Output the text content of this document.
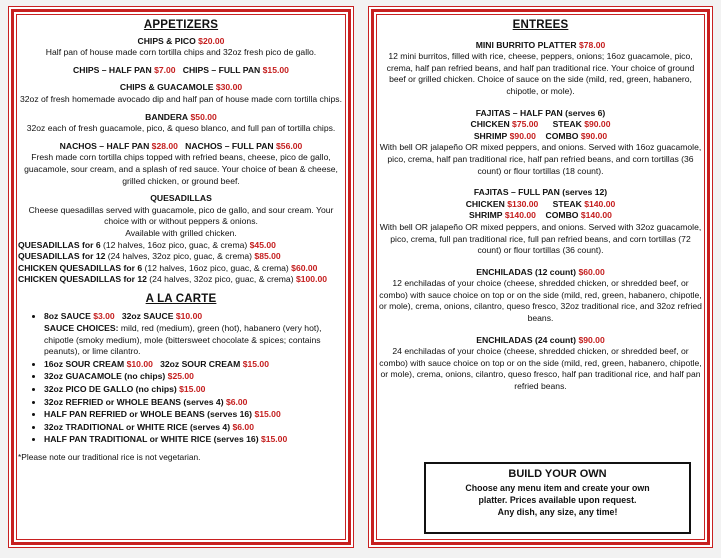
APPETIZERS
CHIPS & PICO $20.00
Half pan of house made corn tortilla chips and 32oz fresh pico de gallo.
CHIPS – HALF PAN $7.00 CHIPS – FULL PAN $15.00
CHIPS & GUACAMOLE $30.00
32oz of fresh homemade avocado dip and half pan of house made corn tortilla chips.
BANDERA $50.00
32oz each of fresh guacamole, pico, & queso blanco, and full pan of tortilla chips.
NACHOS – HALF PAN $28.00 NACHOS – FULL PAN $56.00
Fresh made corn tortilla chips topped with refried beans, cheese, pico de gallo, guacamole, sour cream, and a splash of red sauce. Your choice of bean & cheese, grilled chicken, or ground beef.
QUESADILLAS
Cheese quesadillas served with guacamole, pico de gallo, and sour cream. Your choice with or without peppers & onions.
Available with grilled chicken.
QUESADILLAS for 6 (12 halves, 16oz pico, guac, & crema) $45.00
QUESADILLAS for 12 (24 halves, 32oz pico, guac, & crema) $85.00
CHICKEN QUESADILLAS for 6 (12 halves, 16oz pico, guac, & crema) $60.00
CHICKEN QUESADILLAS for 12 (24 halves, 32oz pico, guac, & crema) $100.00
A LA CARTE
• 8oz SAUCE $3.00 32oz SAUCE $10.00
SAUCE CHOICES: mild, red (medium), green (hot), habanero (very hot), chipotle (smoky medium), mole (bittersweet chocolate & spices; contains peanuts), or lime cilantro.
• 16oz SOUR CREAM $10.00 32oz SOUR CREAM $15.00
• 32oz GUACAMOLE (no chips) $25.00
• 32oz PICO DE GALLO (no chips) $15.00
• 32oz REFRIED or WHOLE BEANS (serves 4) $6.00
• HALF PAN REFRIED or WHOLE BEANS (serves 16) $15.00
• 32oz TRADITIONAL or WHITE RICE (serves 4) $6.00
• HALF PAN TRADITIONAL or WHITE RICE (serves 16) $15.00
*Please note our traditional rice is not vegetarian.
ENTREES
MINI BURRITO PLATTER $78.00
12 mini burritos, filled with rice, cheese, peppers, onions; 16oz guacamole, pico, crema, half pan refried beans, and half pan traditional rice. Your choice of ground beef or grilled chicken. Choice of sauce on the side (mild, red, green, habanero, chipotle, or mole).
FAJITAS – HALF PAN (serves 6)
CHICKEN $75.00 STEAK $90.00
SHRIMP $90.00 COMBO $90.00
With bell OR jalapeño OR mixed peppers, and onions. Served with 16oz guacamole, pico, crema, half pan traditional rice, half pan refried beans, and corn tortillas (36 count) or flour tortillas (18 count).
FAJITAS – FULL PAN (serves 12)
CHICKEN $130.00 STEAK $140.00
SHRIMP $140.00 COMBO $140.00
With bell OR jalapeño OR mixed peppers, and onions. Served with 32oz guacamole, pico, crema, full pan traditional rice, full pan refried beans, and corn tortillas (72 count) or flour tortillas (36 count).
ENCHILADAS (12 count) $60.00
12 enchiladas of your choice (cheese, shredded chicken, or shredded beef, or combo) with sauce choice on top or on the side (mild, red, green, habanero, chipotle, or mole), crema, onions, cilantro, queso fresco, 32oz traditional rice, and 32oz refried beans.
ENCHILADAS (24 count) $90.00
24 enchiladas of your choice (cheese, shredded chicken, or shredded beef, or combo) with sauce choice on top or on the side (mild, red, green, habanero, chipotle, or mole), crema, onions, cilantro, queso fresco, half pan traditional rice, and half pan refried beans.
BUILD YOUR OWN
Choose any menu item and create your own
platter. Prices available upon request.
Any dish, any size, any time!
